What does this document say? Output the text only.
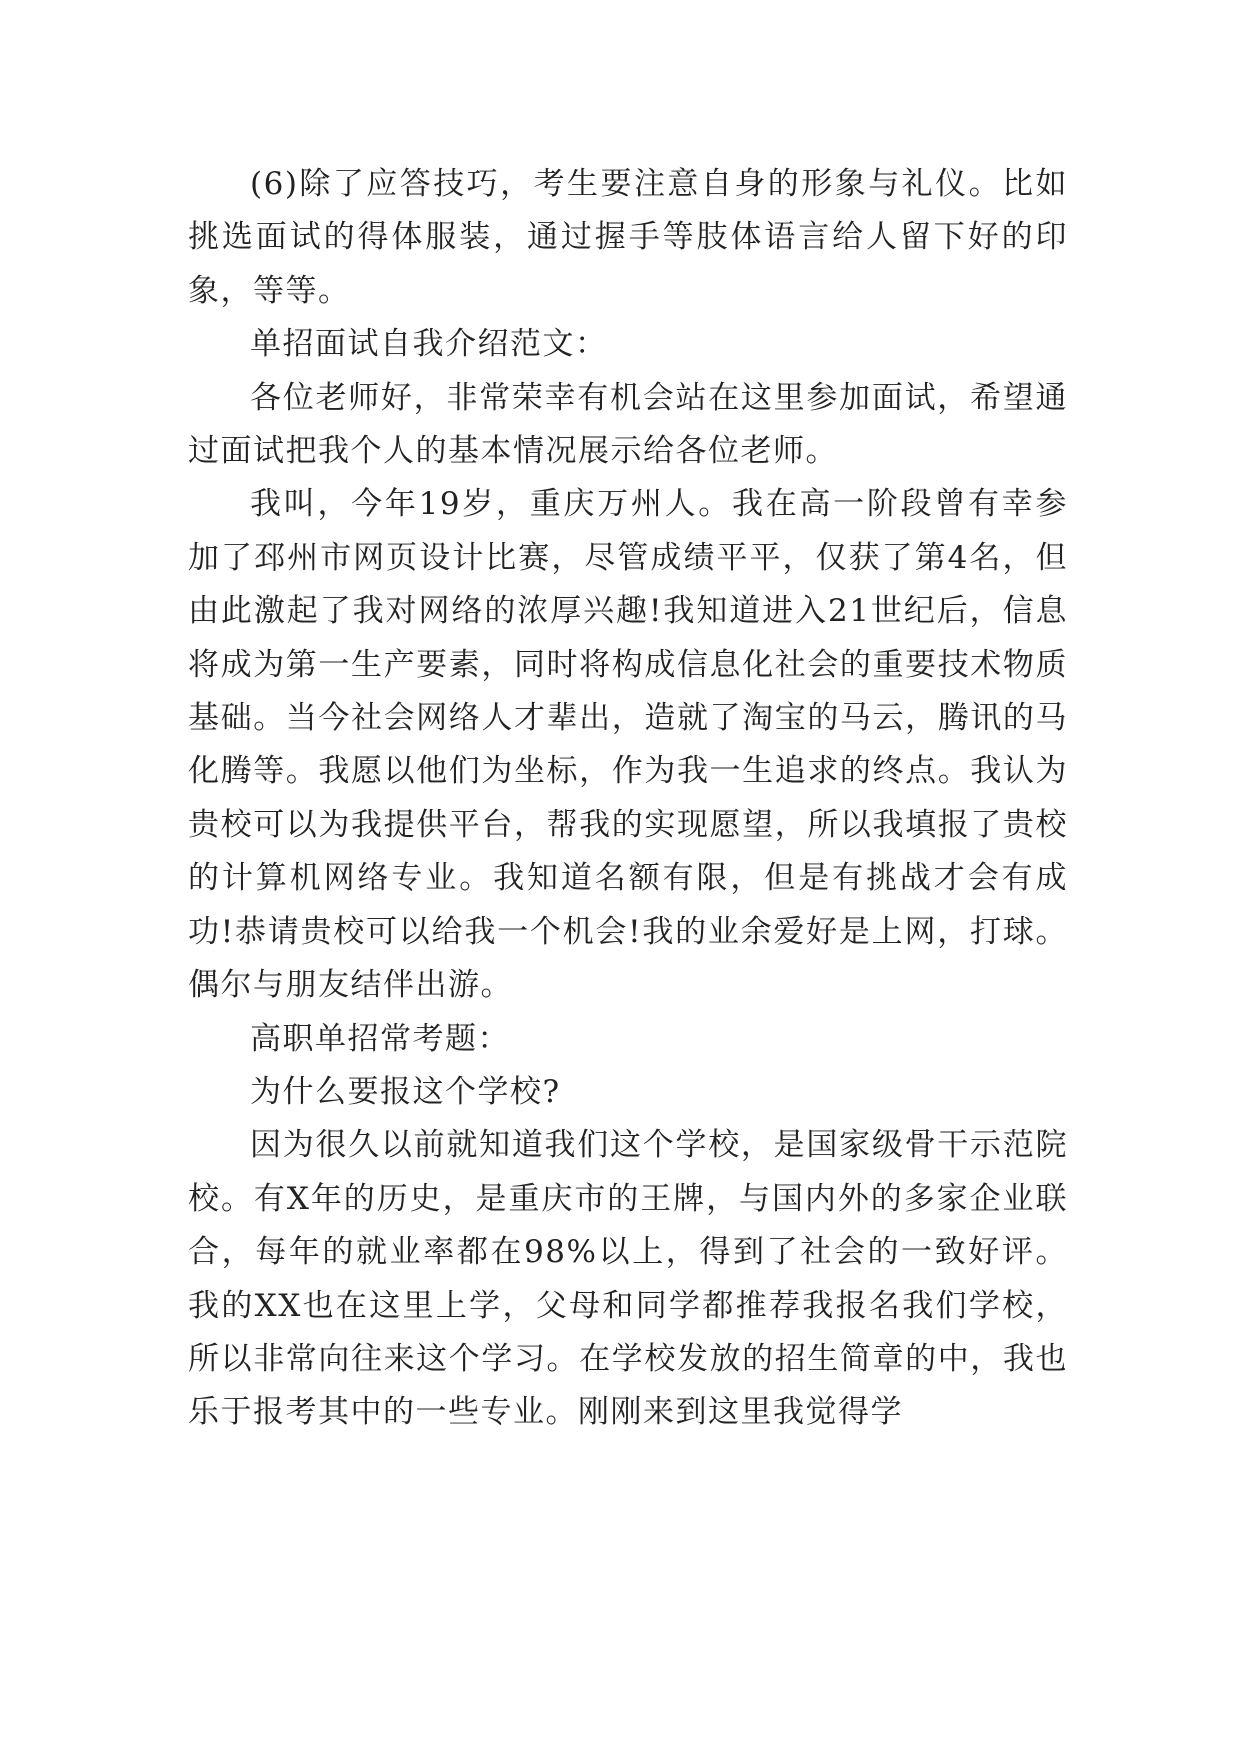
(6)除了应答技巧，考生要注意自身的形象与礼仪。比如挑选面试的得体服装，通过握手等肢体语言给人留下好的印象，等等。

单招面试自我介绍范文：

各位老师好，非常荣幸有机会站在这里参加面试，希望通过面试把我个人的基本情况展示给各位老师。

我叫，今年19岁，重庆万州人。我在高一阶段曾有幸参加了邳州市网页设计比赛，尽管成绩平平，仅获了第4名，但由此激起了我对网络的浓厚兴趣!我知道进入21世纪后，信息将成为第一生产要素，同时将构成信息化社会的重要技术物质基础。当今社会网络人才辈出，造就了淘宝的马云，腾讯的马化腾等。我愿以他们为坐标，作为我一生追求的终点。我认为贵校可以为我提供平台，帮我的实现愿望，所以我填报了贵校的计算机网络专业。我知道名额有限，但是有挑战才会有成功!恭请贵校可以给我一个机会!我的业余爱好是上网，打球。偶尔与朋友结伴出游。

高职单招常考题：

为什么要报这个学校?

因为很久以前就知道我们这个学校，是国家级骨干示范院校。有X年的历史，是重庆市的王牌，与国内外的多家企业联合，每年的就业率都在98%以上，得到了社会的一致好评。我的XX也在这里上学，父母和同学都推荐我报名我们学校，所以非常向往来这个学习。在学校发放的招生简章的中，我也乐于报考其中的一些专业。刚刚来到这里我觉得学
